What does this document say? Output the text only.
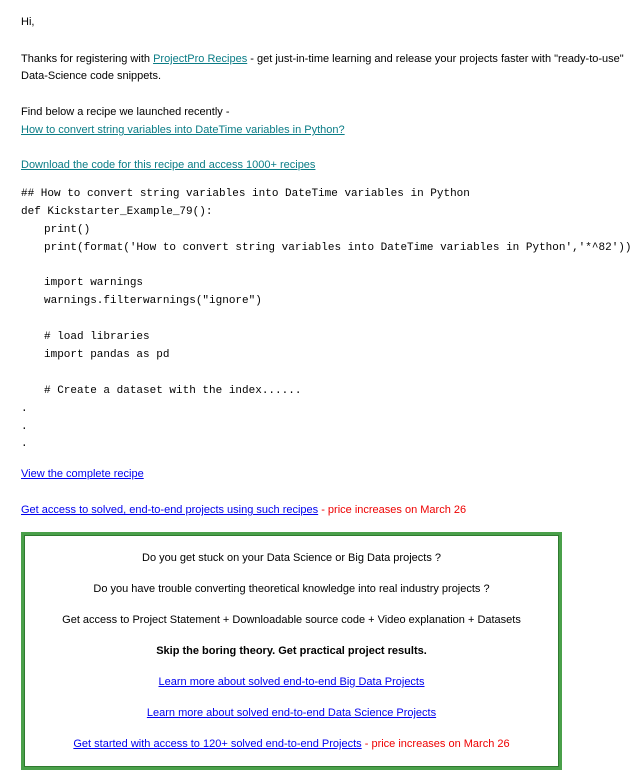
Hi,
Thanks for registering with ProjectPro Recipes - get just-in-time learning and release your projects faster with "ready-to-use"
Data-Science code snippets.
Find below a recipe we launched recently -
How to convert string variables into DateTime variables in Python?
Download the code for this recipe and access 1000+ recipes
## How to convert string variables into DateTime variables in Python
def Kickstarter_Example_79():
print()
print(format('How to convert string variables into DateTime variables in Python','*^82'))
import warnings
warnings.filterwarnings("ignore")
# load libraries
import pandas as pd
# Create a dataset with the index......
.
.
.
View the complete recipe
Get access to solved, end-to-end projects using such recipes - price increases on March 26
Do you get stuck on your Data Science or Big Data projects ?
Do you have trouble converting theoretical knowledge into real industry projects ?
Get access to Project Statement + Downloadable source code + Video explanation + Datasets
Skip the boring theory. Get practical project results.
Learn more about solved end-to-end Big Data Projects
Learn more about solved end-to-end Data Science Projects
Get started with access to 120+ solved end-to-end Projects - price increases on March 26
